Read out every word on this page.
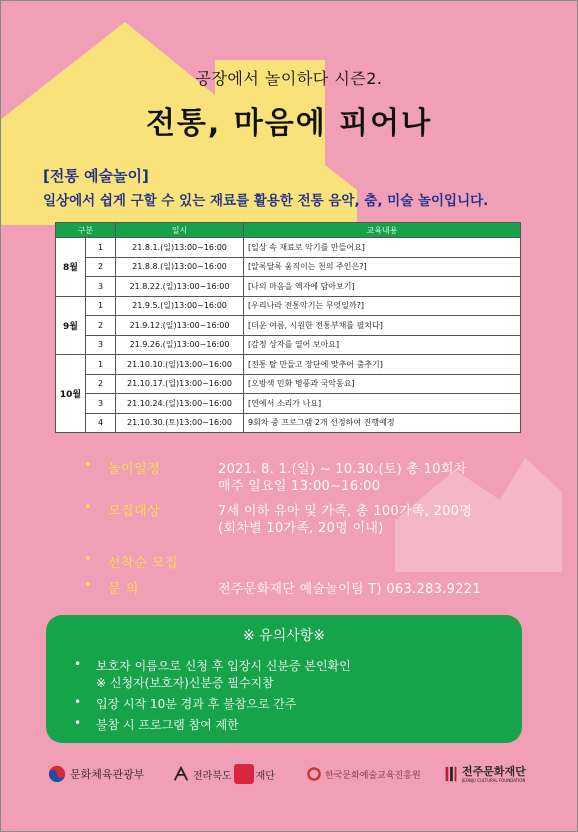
공장에서 놀이하다 시즌2.
전통, 마음에 피어나
[전통 예술놀이]
일상에서 쉽게 구할 수 있는 재료를 활용한 전통 음악, 춤, 미술 놀이입니다.
구분		일시	교육내용
8월	1	21.8.1.(일)13:00~16:00	[일상 속 재료로 악기를 만들어요]
	2	21.8.8.(일)13:00~16:00	[알록달록 움직이는 천의 주인은?]
	3	21.8.22.(일)13:00~16:00	[나의 마음을 액자에 담아보기]
9월	1	21.9.5.(일)13:00~16:00	[우리나라 전통악기는 무엇일까?]
	2	21.9.12.(일)13:00~16:00	[더운 여름, 시원한 전통부채를 펼치다]
	3	21.9.26.(일)13:00~16:00	[감정 상자를 열어 보아요]
10월	1	21.10.10.(일)13:00~16:00	[전통 탈 만들고 장단에 맞추어 춤추기]
	2	21.10.17.(일)13:00~16:00	[오방색 민화 병풍과 국악동요]
	3	21.10.24.(일)13:00~16:00	[연에서 소리가 나요]
	4	21.10.30.(토)13:00~16:00	9회차 중 프로그램 2개 선정하여 진행예정
• 놀이일정	2021. 8. 1.(일) ~ 10.30.(토) 총 10회차
매주 일요일 13:00~16:00
• 모집대상	7세 이하 유아 및 가족, 총 100가족, 200명
(회차별 10가족, 20명 이내)
• 선착순 모집
• 문 의	전주문화재단 예술놀이팀 T) 063.283.9221
※ 유의사항※
• 보호자 이름으로 신청 후 입장시 신분증 본인확인
※ 신청자(보호자)신분증 필수지참
• 입장 시작 10분 경과 후 불참으로 간주
• 불참 시 프로그램 참여 제한
문화체육관광부	전라북도 재단	한국문화예술교육진흥원	전주문화재단
JEONJU CULTURAL FOUNDATION
